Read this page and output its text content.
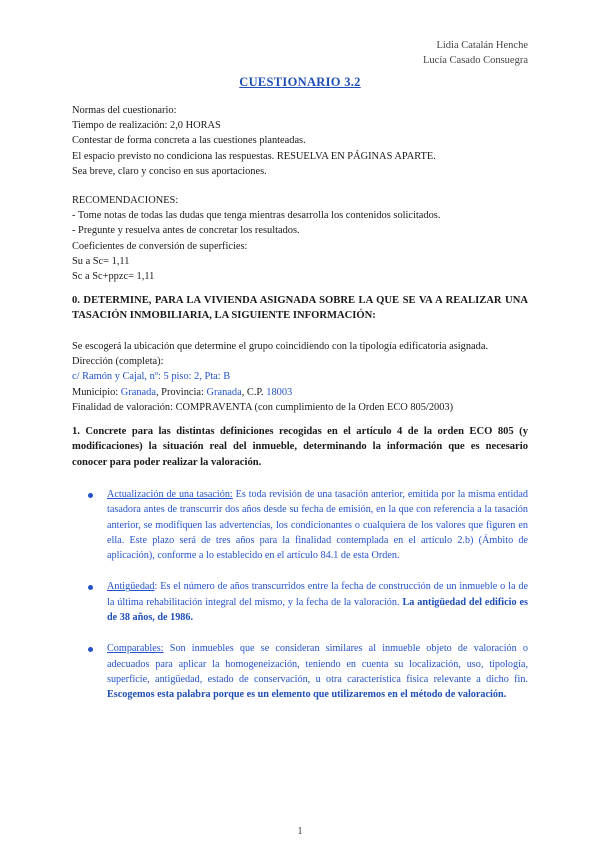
Lidia Catalán Henche
Lucía Casado Consuegra
CUESTIONARIO 3.2
Normas del cuestionario:
Tiempo de realización: 2,0 HORAS
Contestar de forma concreta a las cuestiones planteadas.
El espacio previsto no condiciona las respuestas. RESUELVA EN PÁGINAS APARTE.
Sea breve, claro y conciso en sus aportaciones.
RECOMENDACIONES:
- Tome notas de todas las dudas que tenga mientras desarrolla los contenidos solicitados.
- Pregunte y resuelva antes de concretar los resultados.
Coeficientes de conversión de superficies:
Su a Sc= 1,11
Sc a Sc+ppzc= 1,11
0. DETERMINE, PARA LA VIVIENDA ASIGNADA SOBRE LA QUE SE VA A REALIZAR UNA TASACIÓN INMOBILIARIA, LA SIGUIENTE INFORMACIÓN:
Se escogerá la ubicación que determine el grupo coincidiendo con la tipología edificatoria asignada.
Dirección (completa):
c/ Ramón y Cajal, nº: 5 piso: 2, Pta: B
Municipio: Granada, Provincia: Granada, C.P. 18003
Finalidad de valoración: COMPRAVENTA (con cumplimiento de la Orden ECO 805/2003)
1. Concrete para las distintas definiciones recogidas en el artículo 4 de la orden ECO 805 (y modificaciones) la situación real del inmueble, determinando la información que es necesario conocer para poder realizar la valoración.
Actualización de una tasación: Es toda revisión de una tasación anterior, emitida por la misma entidad tasadora antes de transcurrir dos años desde su fecha de emisión, en la que con referencia a la tasación anterior, se modifiquen las advertencias, los condicionantes o cualquiera de los valores que figuren en ella. Este plazo será de tres años para la finalidad contemplada en el artículo 2.b) (Ámbito de aplicación), conforme a lo establecido en el artículo 84.1 de esta Orden.
Antigüedad: Es el número de años transcurridos entre la fecha de construcción de un inmueble o la de la última rehabilitación integral del mismo, y la fecha de la valoración. La antigüedad del edificio es de 38 años, de 1986.
Comparables: Son inmuebles que se consideran similares al inmueble objeto de valoración o adecuados para aplicar la homogeneización, teniendo en cuenta su localización, uso, tipología, superficie, antigüedad, estado de conservación, u otra característica física relevante a dicho fin. Escogemos esta palabra porque es un elemento que utilizaremos en el método de valoración.
1
